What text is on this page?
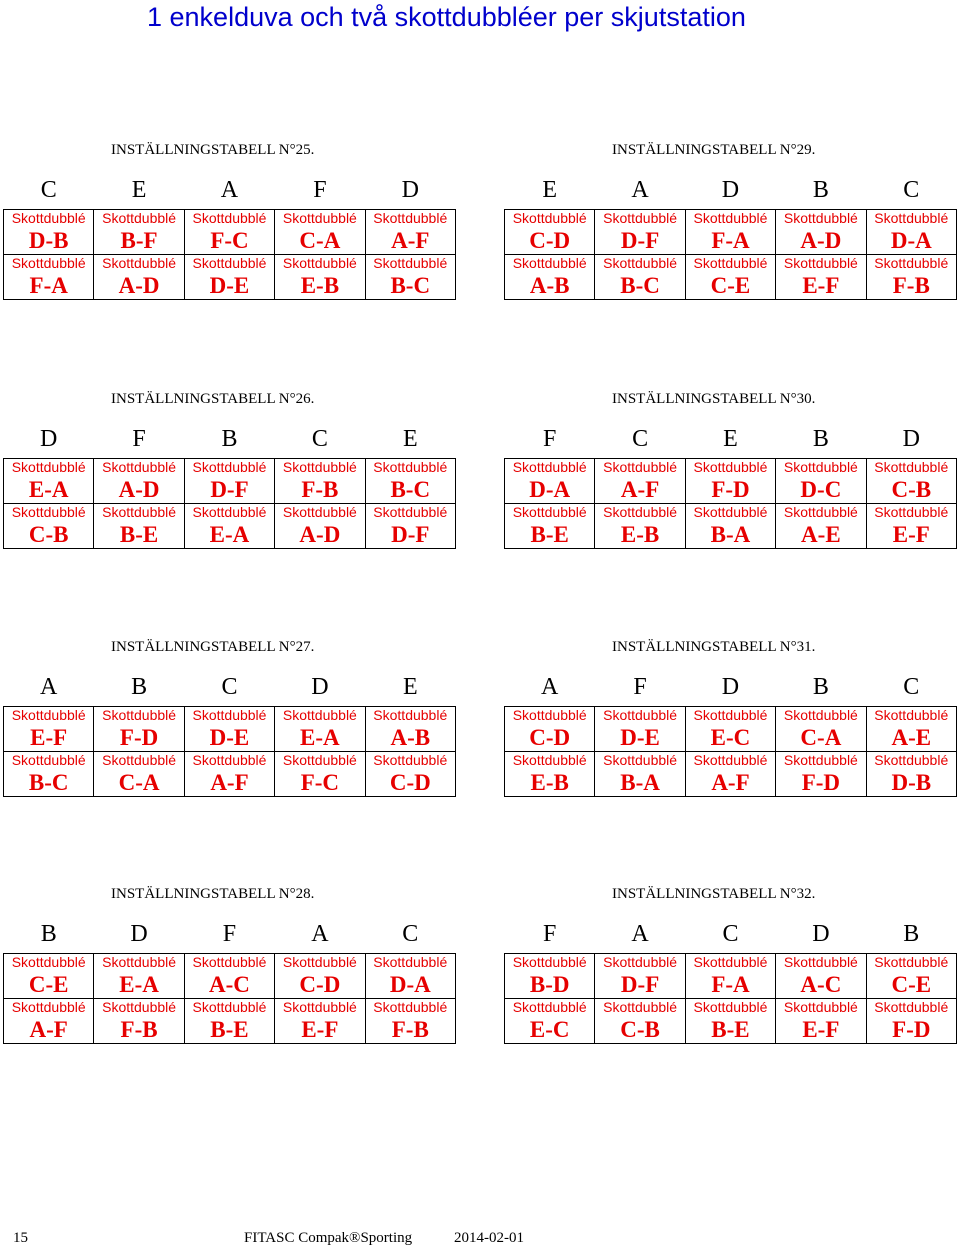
1 enkelduva och två skottdubbléer per skjutstation
INSTÄLLNINGSTABELL N°25.
C	E	A	F	D
Skottdubblé	Skottdubblé	Skottdubblé	Skottdubblé	Skottdubblé
D-B	B-F	F-C	C-A	A-F
Skottdubblé	Skottdubblé	Skottdubblé	Skottdubblé	Skottdubblé
F-A	A-D	D-E	E-B	B-C
INSTÄLLNINGSTABELL N°29.
E	A	D	B	C
Skottdubblé	Skottdubblé	Skottdubblé	Skottdubblé	Skottdubblé
C-D	D-F	F-A	A-D	D-A
Skottdubblé	Skottdubblé	Skottdubblé	Skottdubblé	Skottdubblé
A-B	B-C	C-E	E-F	F-B
INSTÄLLNINGSTABELL N°26.
D	F	B	C	E
Skottdubblé	Skottdubblé	Skottdubblé	Skottdubblé	Skottdubblé
E-A	A-D	D-F	F-B	B-C
Skottdubblé	Skottdubblé	Skottdubblé	Skottdubblé	Skottdubblé
C-B	B-E	E-A	A-D	D-F
INSTÄLLNINGSTABELL N°30.
F	C	E	B	D
Skottdubblé	Skottdubblé	Skottdubblé	Skottdubblé	Skottdubblé
D-A	A-F	F-D	D-C	C-B
Skottdubblé	Skottdubblé	Skottdubblé	Skottdubblé	Skottdubblé
B-E	E-B	B-A	A-E	E-F
INSTÄLLNINGSTABELL N°27.
A	B	C	D	E
Skottdubblé	Skottdubblé	Skottdubblé	Skottdubblé	Skottdubblé
E-F	F-D	D-E	E-A	A-B
Skottdubblé	Skottdubblé	Skottdubblé	Skottdubblé	Skottdubblé
B-C	C-A	A-F	F-C	C-D
INSTÄLLNINGSTABELL N°31.
A	F	D	B	C
Skottdubblé	Skottdubblé	Skottdubblé	Skottdubblé	Skottdubblé
C-D	D-E	E-C	C-A	A-E
Skottdubblé	Skottdubblé	Skottdubblé	Skottdubblé	Skottdubblé
E-B	B-A	A-F	F-D	D-B
INSTÄLLNINGSTABELL N°28.
B	D	F	A	C
Skottdubblé	Skottdubblé	Skottdubblé	Skottdubblé	Skottdubblé
C-E	E-A	A-C	C-D	D-A
Skottdubblé	Skottdubblé	Skottdubblé	Skottdubblé	Skottdubblé
A-F	F-B	B-E	E-F	F-B
INSTÄLLNINGSTABELL N°32.
F	A	C	D	B
Skottdubblé	Skottdubblé	Skottdubblé	Skottdubblé	Skottdubblé
B-D	D-F	F-A	A-C	C-E
Skottdubblé	Skottdubblé	Skottdubblé	Skottdubblé	Skottdubblé
E-C	C-B	B-E	E-F	F-D
15	FITASC Compak®Sporting	2014-02-01
